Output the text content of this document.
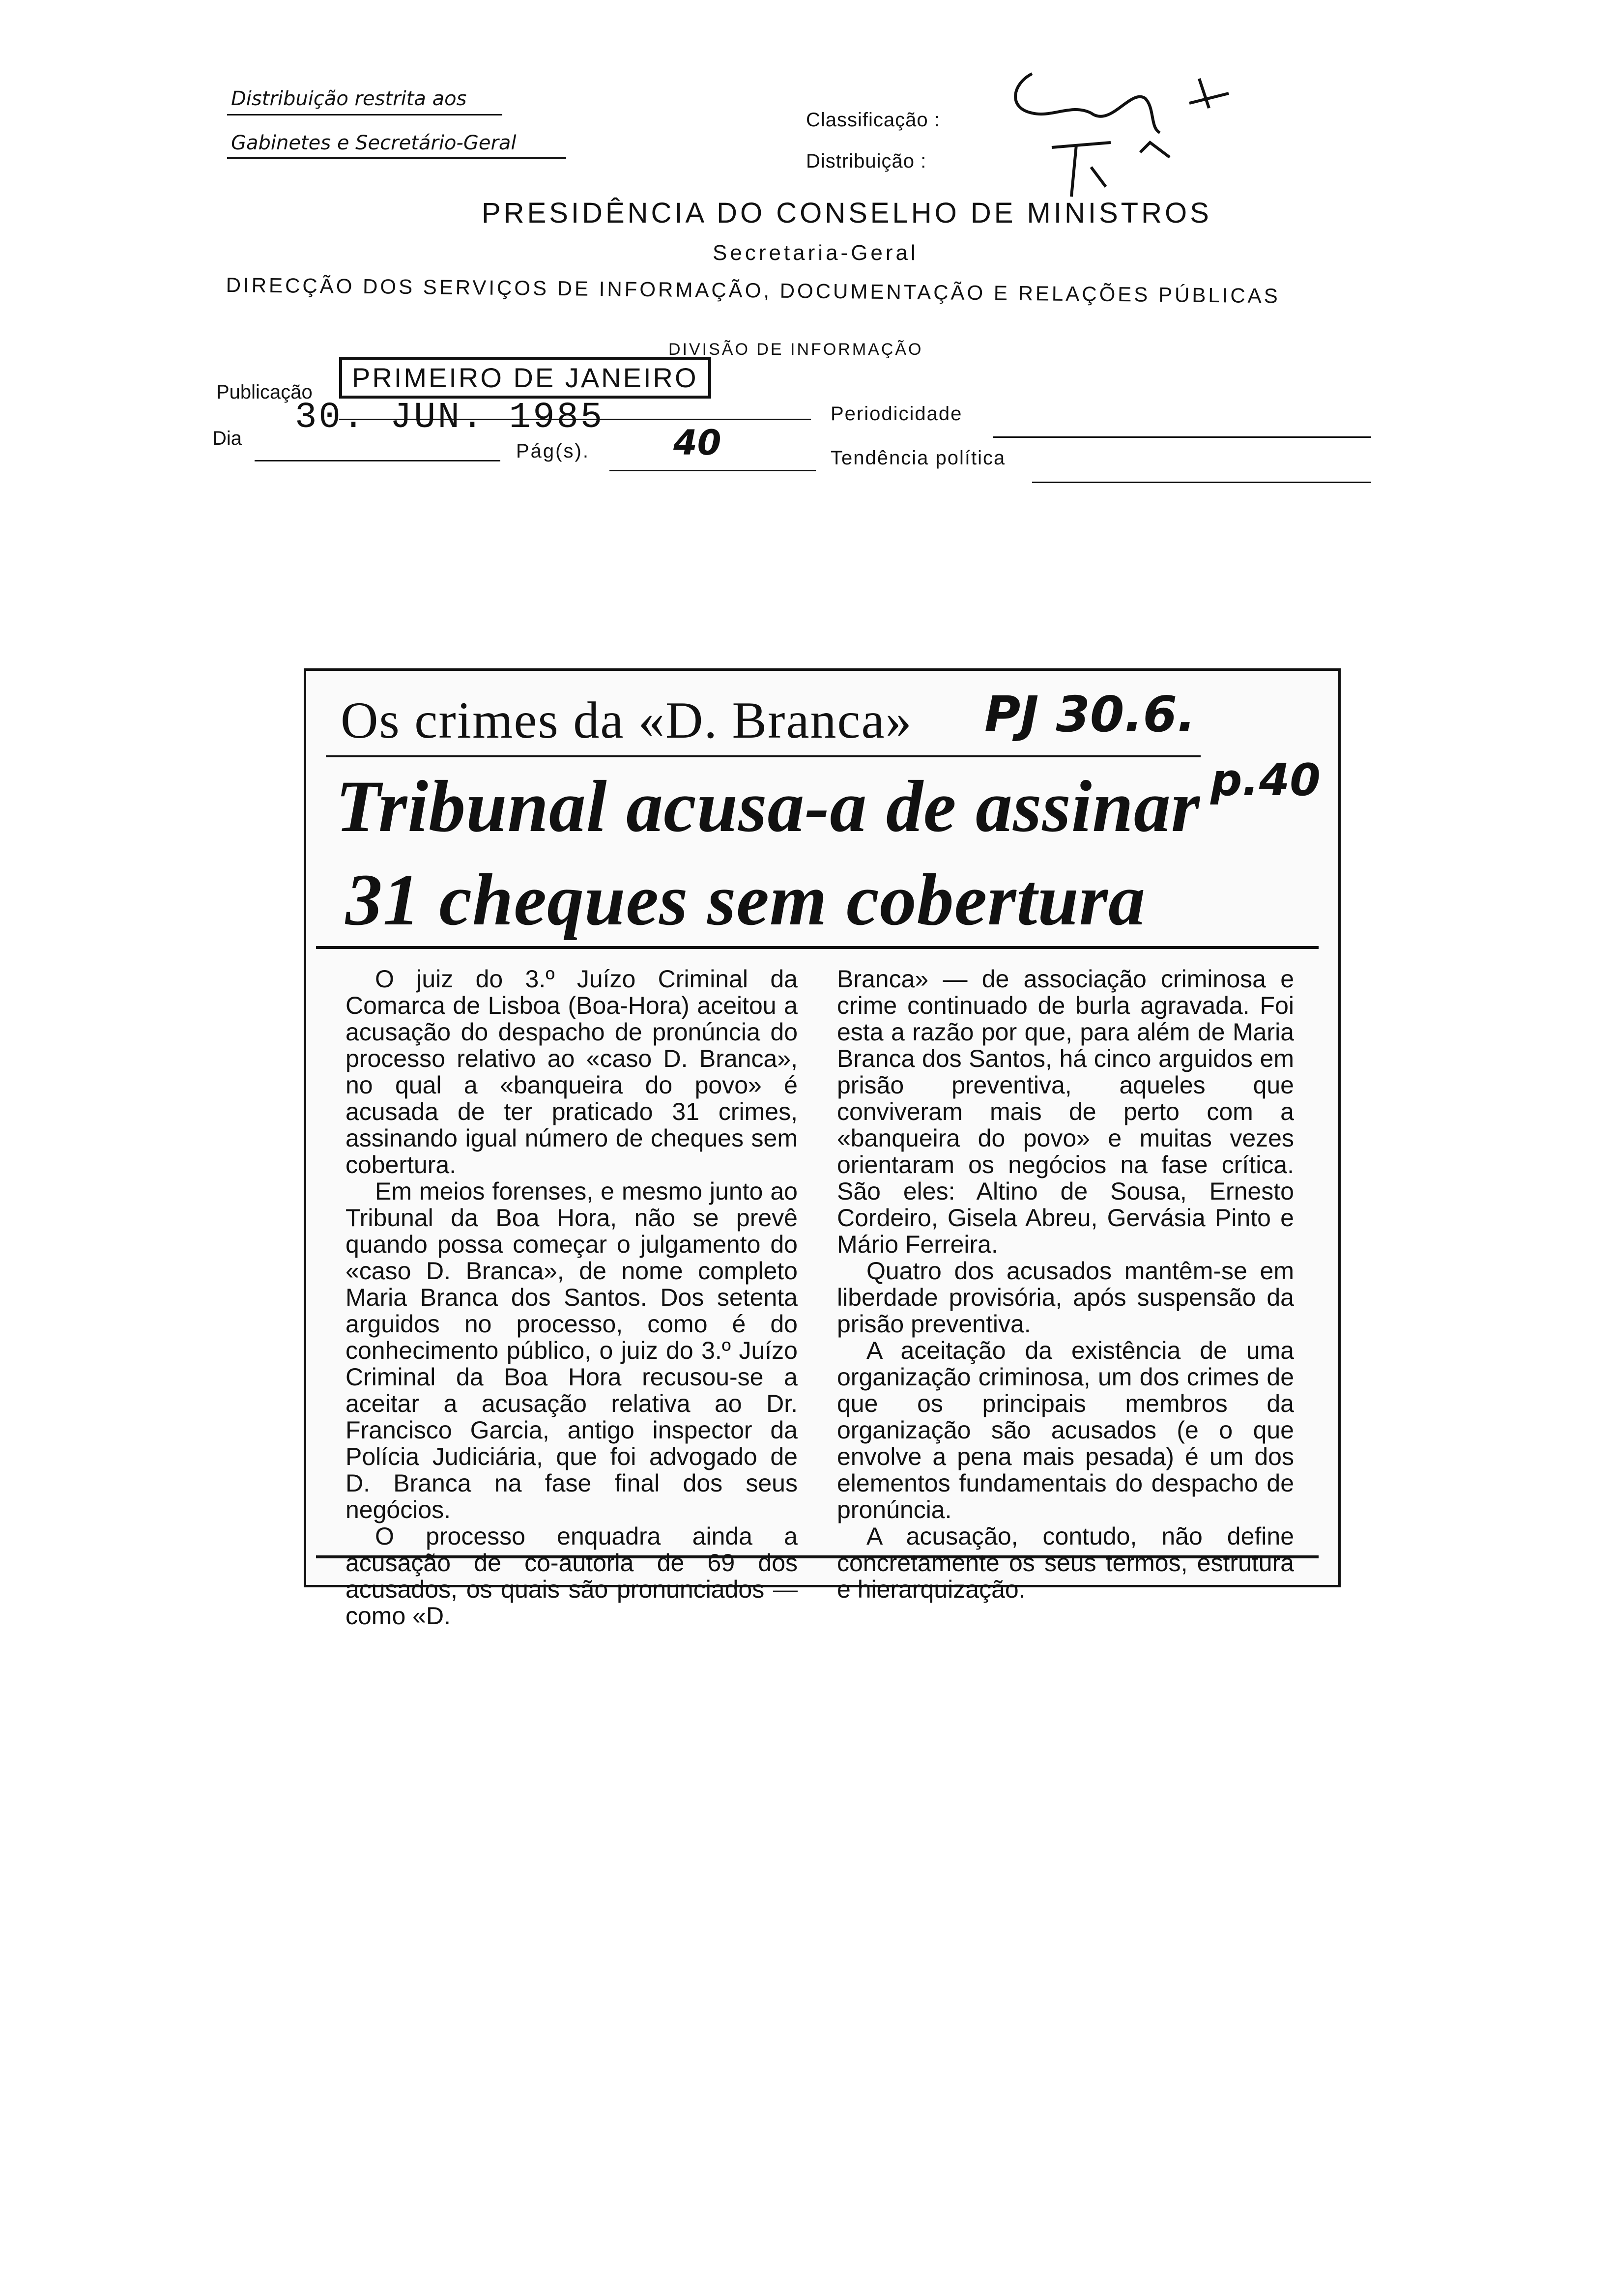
Distribuição restrita aos
Gabinetes e Secretário-Geral
Classificação :
Distribuição :
PRESIDÊNCIA DO CONSELHO DE MINISTROS
Secretaria-Geral
DIRECÇÃO DOS SERVIÇOS DE INFORMAÇÃO, DOCUMENTAÇÃO E RELAÇÕES PÚBLICAS
DIVISÃO DE INFORMAÇÃO
Publicação	PRIMEIRO DE JANEIRO
Dia 30. JUN. 1985
Pág(s). 40
Periodicidade
Tendência política
Os crimes da «D. Branca» PJ 30.6.
p.40
Tribunal acusa-a de assinar
31 cheques sem cobertura

O juiz do 3.º Juízo Criminal da Comarca de Lisboa (Boa-Hora) aceitou a acusação do despacho de pronúncia do processo relativo ao «caso D. Branca», no qual a «banqueira do povo» é acusada de ter praticado 31 crimes, assinando igual número de cheques sem cobertura.

Em meios forenses, e mesmo junto ao Tribunal da Boa Hora, não se prevê quando possa começar o julgamento do «caso D. Branca», de nome completo Maria Branca dos Santos. Dos setenta arguidos no processo, como é do conhecimento público, o juiz do 3.º Juízo Criminal da Boa Hora recusou-se a aceitar a acusação relativa ao Dr. Francisco Garcia, antigo inspector da Polícia Judiciária, que foi advogado de D. Branca na fase final dos seus negócios.

O processo enquadra ainda a acusação de co-autoria de 69 dos acusados, os quais são pronunciados — como «D.

Branca» — de associação criminosa e crime continuado de burla agravada. Foi esta a razão por que, para além de Maria Branca dos Santos, há cinco arguidos em prisão preventiva, aqueles que conviveram mais de perto com a «banqueira do povo» e muitas vezes orientaram os negócios na fase crítica. São eles: Altino de Sousa, Ernesto Cordeiro, Gisela Abreu, Gervásia Pinto e Mário Ferreira.

Quatro dos acusados mantêm-se em liberdade provisória, após suspensão da prisão preventiva.

A aceitação da existência de uma organização criminosa, um dos crimes de que os principais membros da organização são acusados (e o que envolve a pena mais pesada) é um dos elementos fundamentais do despacho de pronúncia.

A acusação, contudo, não define concretamente os seus termos, estrutura e hierarquização.
